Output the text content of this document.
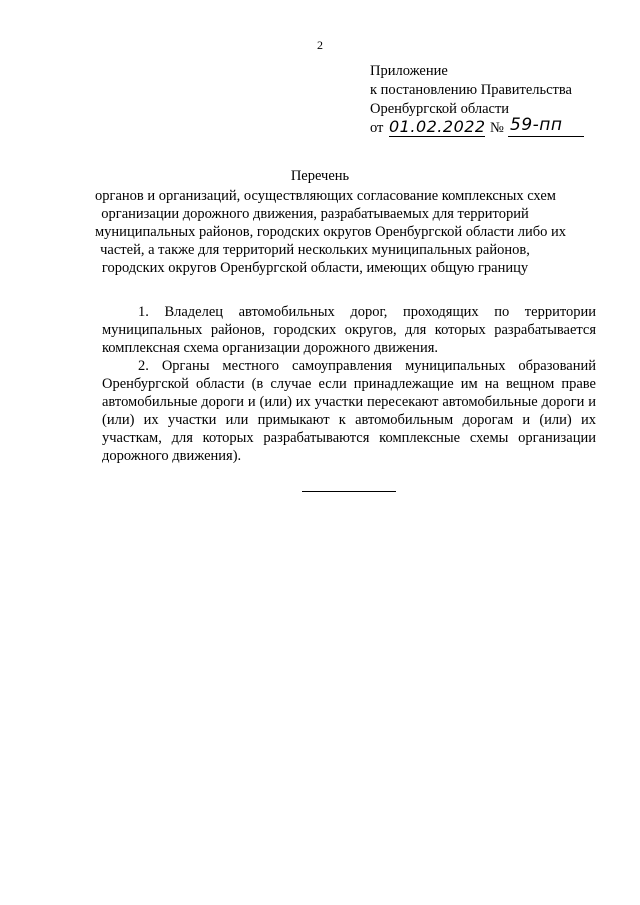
2
Приложение
к постановлению Правительства
Оренбургской области
от 01.02.2022 № 59-пп
Перечень
органов и организаций, осуществляющих согласование комплексных схем
организации дорожного движения, разрабатываемых для территорий
муниципальных районов, городских округов Оренбургской области либо их
частей, а также для территорий нескольких муниципальных районов,
городских округов Оренбургской области, имеющих общую границу

1. Владелец автомобильных дорог, проходящих по территории муниципальных районов, городских округов, для которых разрабатывается комплексная схема организации дорожного движения.

2. Органы местного самоуправления муниципальных образований Оренбургской области (в случае если принадлежащие им на вещном праве автомобильные дороги и (или) их участки пересекают автомобильные дороги и (или) их участки или примыкают к автомобильным дорогам и (или) их участкам, для которых разрабатываются комплексные схемы организации дорожного движения).
